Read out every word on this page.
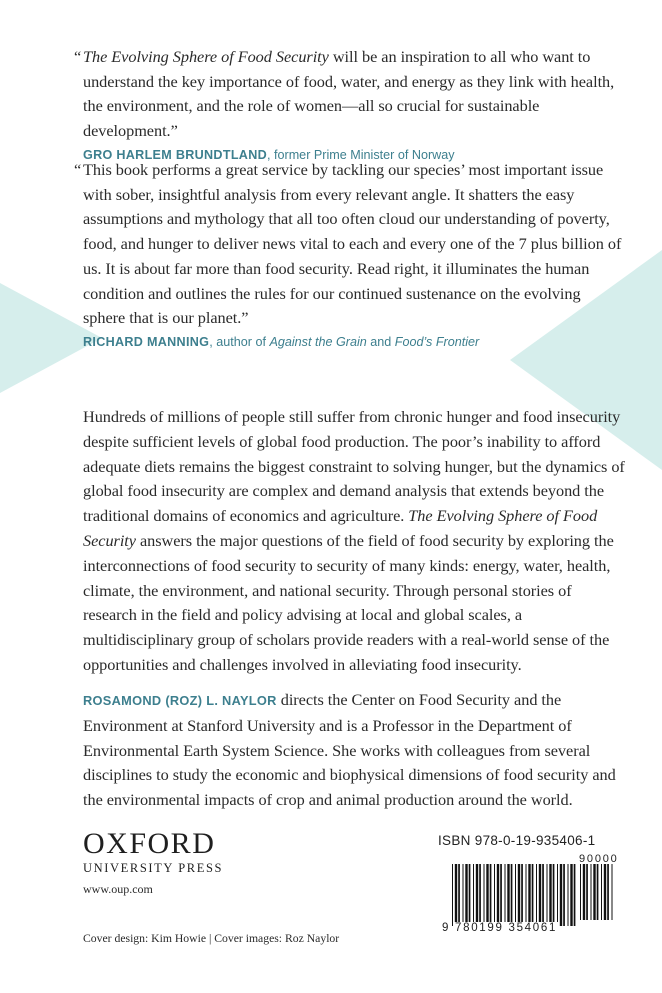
“ The Evolving Sphere of Food Security will be an inspiration to all who want to understand the key importance of food, water, and energy as they link with health, the environment, and the role of women—all so crucial for sustainable development.”

GRO HARLEM BRUNDTLAND, former Prime Minister of Norway

“ This book performs a great service by tackling our species’ most important issue with sober, insightful analysis from every relevant angle. It shatters the easy assumptions and mythology that all too often cloud our understanding of poverty, food, and hunger to deliver news vital to each and every one of the 7 plus billion of us. It is about far more than food security. Read right, it illuminates the human condition and outlines the rules for our continued sustenance on the evolving sphere that is our planet.”

RICHARD MANNING, author of Against the Grain and Food’s Frontier

Hundreds of millions of people still suffer from chronic hunger and food insecurity despite sufficient levels of global food production. The poor’s inability to afford adequate diets remains the biggest constraint to solving hunger, but the dynamics of global food insecurity are complex and demand analysis that extends beyond the traditional domains of economics and agriculture. The Evolving Sphere of Food Security answers the major questions of the field of food security by exploring the interconnections of food security to security of many kinds: energy, water, health, climate, the environment, and national security. Through personal stories of research in the field and policy advising at local and global scales, a multidisciplinary group of scholars provide readers with a real-world sense of the opportunities and challenges involved in alleviating food insecurity.

ROSAMOND (ROZ) L. NAYLOR directs the Center on Food Security and the Environment at Stanford University and is a Professor in the Department of Environmental Earth System Science. She works with colleagues from several disciplines to study the economic and biophysical dimensions of food security and the environmental impacts of crop and animal production around the world.

OXFORD
UNIVERSITY PRESS
www.oup.com
Cover design: Kim Howie | Cover images: Roz Naylor
ISBN 978-0-19-935406-1
90000
9 780199 354061
